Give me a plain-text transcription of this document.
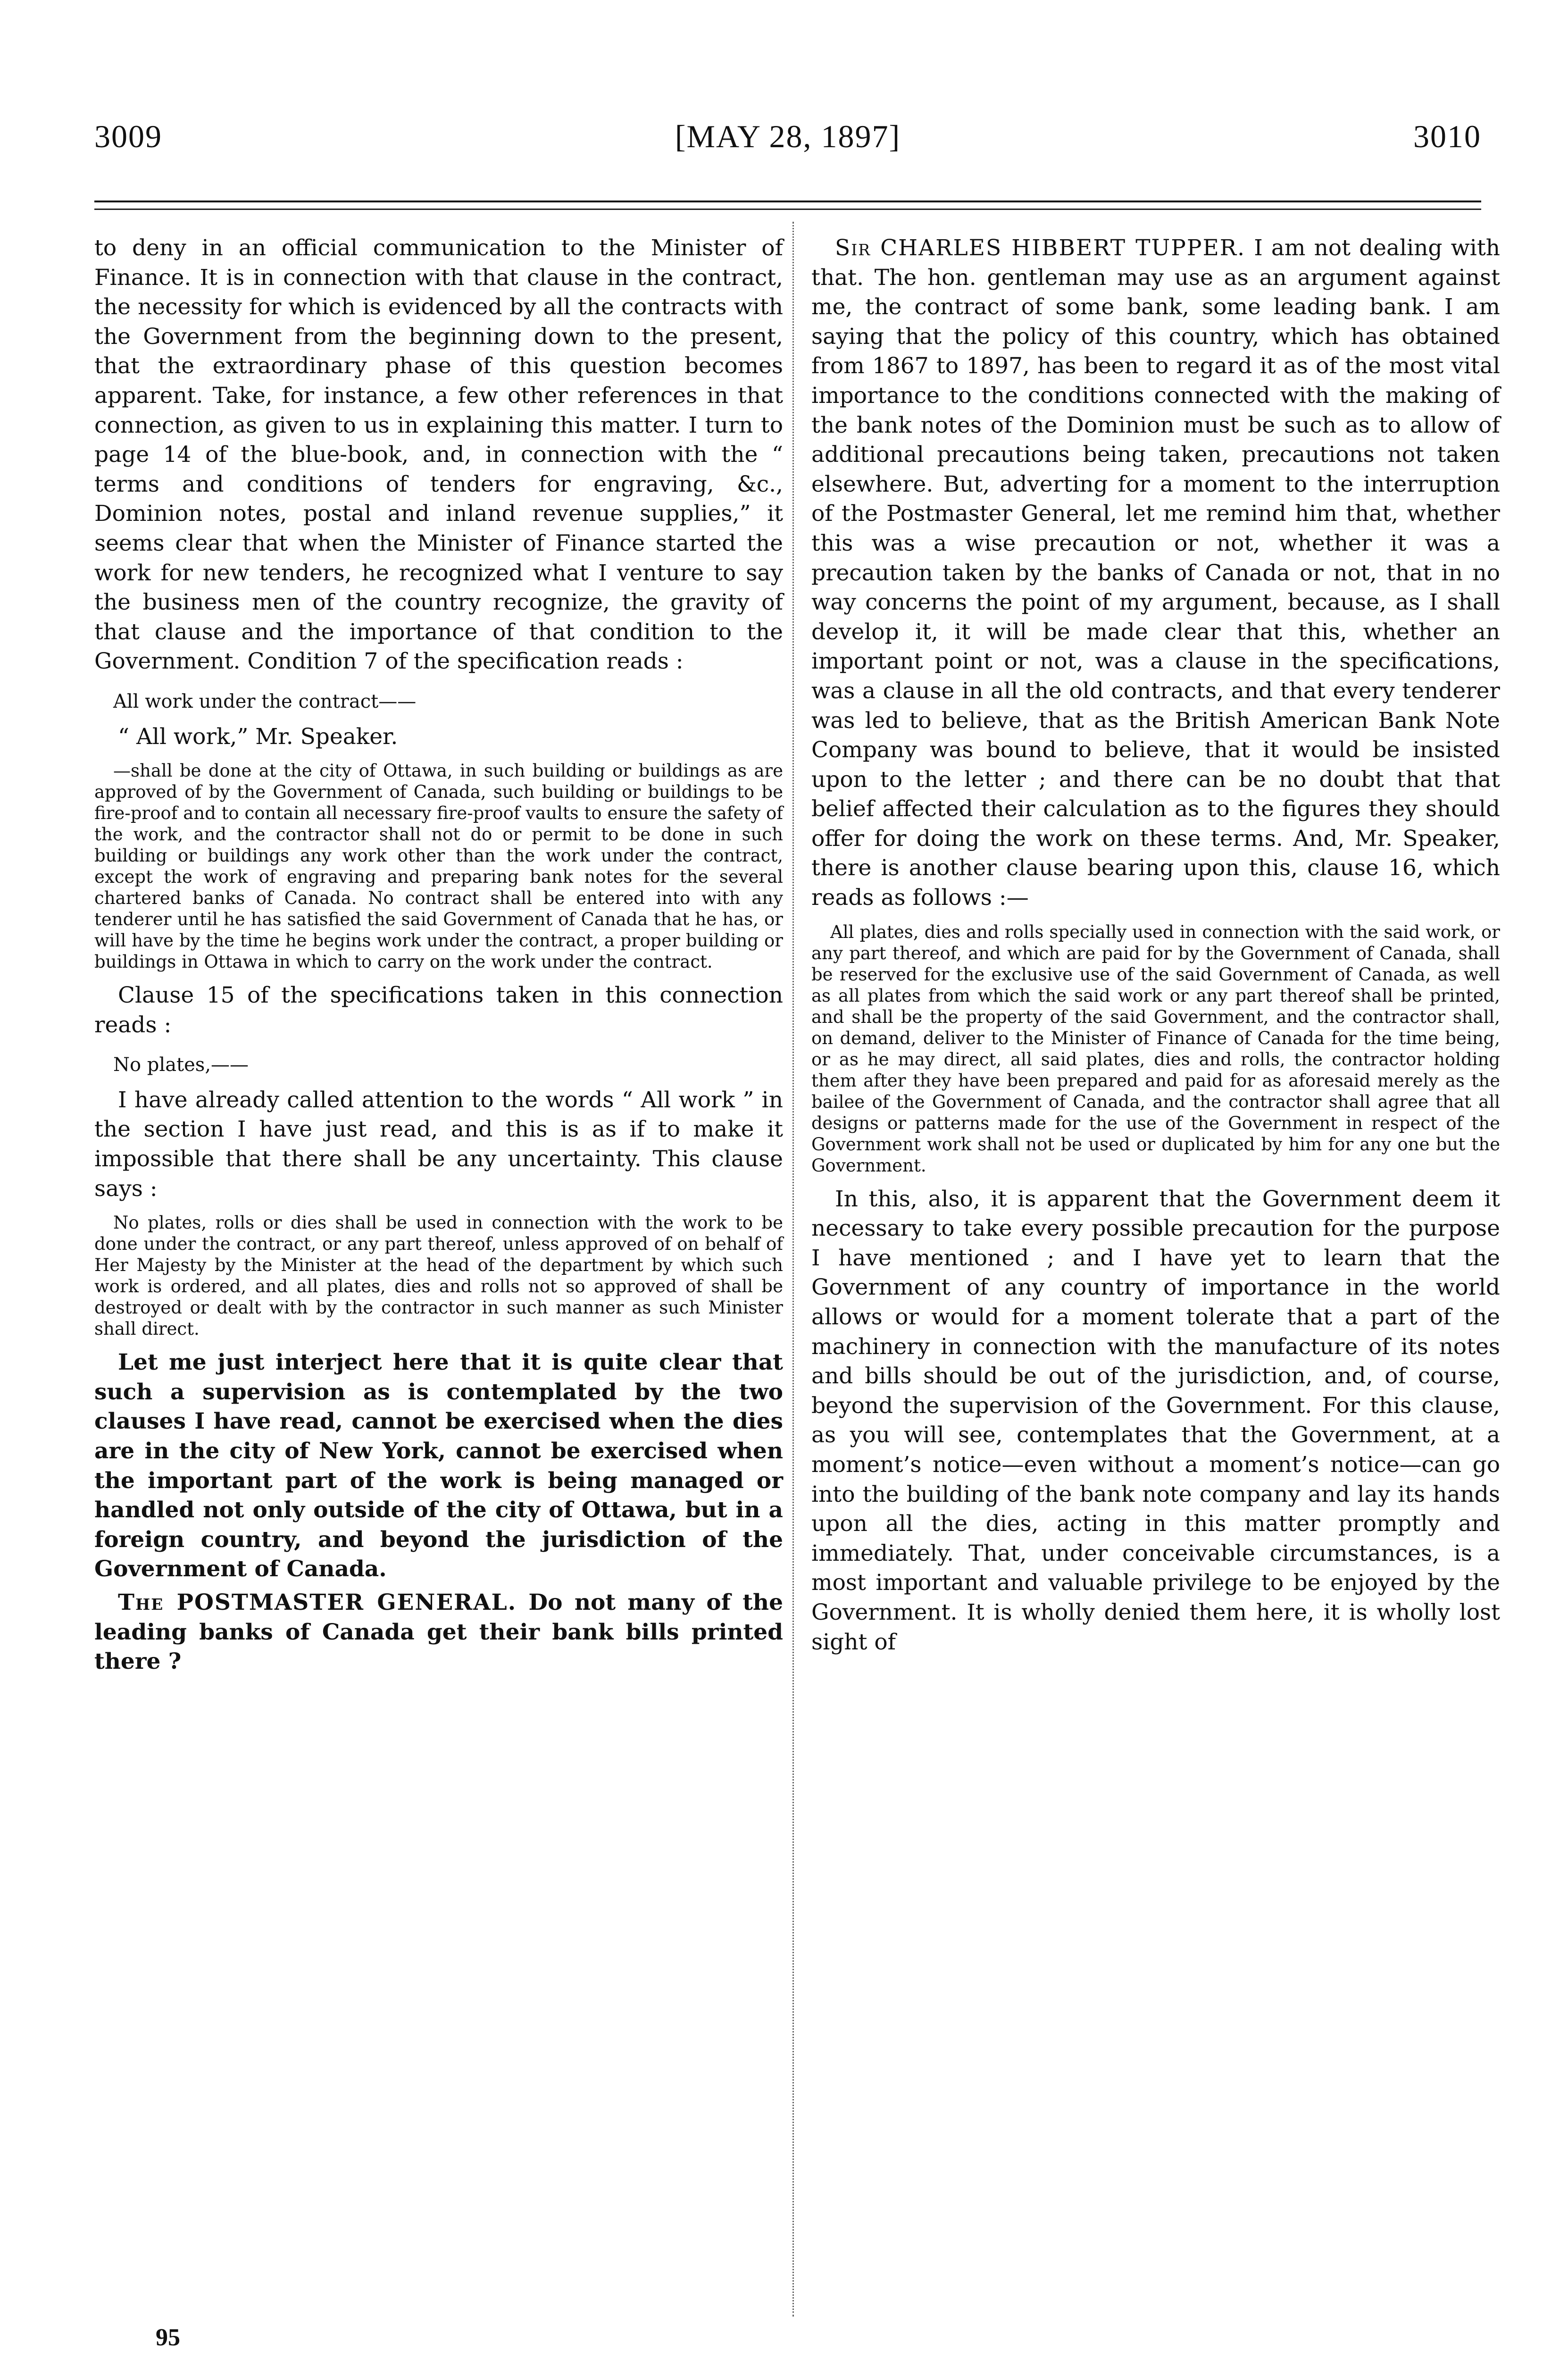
3009	[MAY 28, 1897]	3010

to deny in an official communication to the Minister of Finance. It is in connection with that clause in the contract, the necessity for which is evidenced by all the contracts with the Government from the beginning down to the present, that the extraordinary phase of this question becomes apparent. Take, for instance, a few other references in that connection, as given to us in explaining this matter. I turn to page 14 of the blue-book, and, in connection with the “ terms and conditions of tenders for engraving, &c., Dominion notes, postal and inland revenue supplies,” it seems clear that when the Minister of Finance started the work for new tenders, he recognized what I venture to say the business men of the country recognize, the gravity of that clause and the importance of that condition to the Government. Condition 7 of the specification reads :

All work under the contract——

“ All work,” Mr. Speaker.

—shall be done at the city of Ottawa, in such building or buildings as are approved of by the Government of Canada, such building or buildings to be fire-proof and to contain all necessary fire-proof vaults to ensure the safety of the work, and the contractor shall not do or permit to be done in such building or buildings any work other than the work under the contract, except the work of engraving and preparing bank notes for the several chartered banks of Canada. No contract shall be entered into with any tenderer until he has satisfied the said Government of Canada that he has, or will have by the time he begins work under the contract, a proper building or buildings in Ottawa in which to carry on the work under the contract.

Clause 15 of the specifications taken in this connection reads :

No plates,——

I have already called attention to the words “ All work ” in the section I have just read, and this is as if to make it impossible that there shall be any uncertainty. This clause says :

No plates, rolls or dies shall be used in connection with the work to be done under the contract, or any part thereof, unless approved of on behalf of Her Majesty by the Minister at the head of the department by which such work is ordered, and all plates, dies and rolls not so approved of shall be destroyed or dealt with by the contractor in such manner as such Minister shall direct.

Let me just interject here that it is quite clear that such a supervision as is contemplated by the two clauses I have read, cannot be exercised when the dies are in the city of New York, cannot be exercised when the important part of the work is being managed or handled not only outside of the city of Ottawa, but in a foreign country, and beyond the jurisdiction of the Government of Canada.

The POSTMASTER GENERAL. Do not many of the leading banks of Canada get their bank bills printed there ?

Sir CHARLES HIBBERT TUPPER. I am not dealing with that. The hon. gentleman may use as an argument against me, the contract of some bank, some leading bank. I am saying that the policy of this country, which has obtained from 1867 to 1897, has been to regard it as of the most vital importance to the conditions connected with the making of the bank notes of the Dominion must be such as to allow of additional precautions being taken, precautions not taken elsewhere. But, adverting for a moment to the interruption of the Postmaster General, let me remind him that, whether this was a wise precaution or not, whether it was a precaution taken by the banks of Canada or not, that in no way concerns the point of my argument, because, as I shall develop it, it will be made clear that this, whether an important point or not, was a clause in the specifications, was a clause in all the old contracts, and that every tenderer was led to believe, that as the British American Bank Note Company was bound to believe, that it would be insisted upon to the letter ; and there can be no doubt that that belief affected their calculation as to the figures they should offer for doing the work on these terms. And, Mr. Speaker, there is another clause bearing upon this, clause 16, which reads as follows :—

All plates, dies and rolls specially used in connection with the said work, or any part thereof, and which are paid for by the Government of Canada, shall be reserved for the exclusive use of the said Government of Canada, as well as all plates from which the said work or any part thereof shall be printed, and shall be the property of the said Government, and the contractor shall, on demand, deliver to the Minister of Finance of Canada for the time being, or as he may direct, all said plates, dies and rolls, the contractor holding them after they have been prepared and paid for as aforesaid merely as the bailee of the Government of Canada, and the contractor shall agree that all designs or patterns made for the use of the Government in respect of the Government work shall not be used or duplicated by him for any one but the Government.

In this, also, it is apparent that the Government deem it necessary to take every possible precaution for the purpose I have mentioned ; and I have yet to learn that the Government of any country of importance in the world allows or would for a moment tolerate that a part of the machinery in connection with the manufacture of its notes and bills should be out of the jurisdiction, and, of course, beyond the supervision of the Government. For this clause, as you will see, contemplates that the Government, at a moment’s notice—even without a moment’s notice—can go into the building of the bank note company and lay its hands upon all the dies, acting in this matter promptly and immediately. That, under conceivable circumstances, is a most important and valuable privilege to be enjoyed by the Government. It is wholly denied them here, it is wholly lost sight of

95
